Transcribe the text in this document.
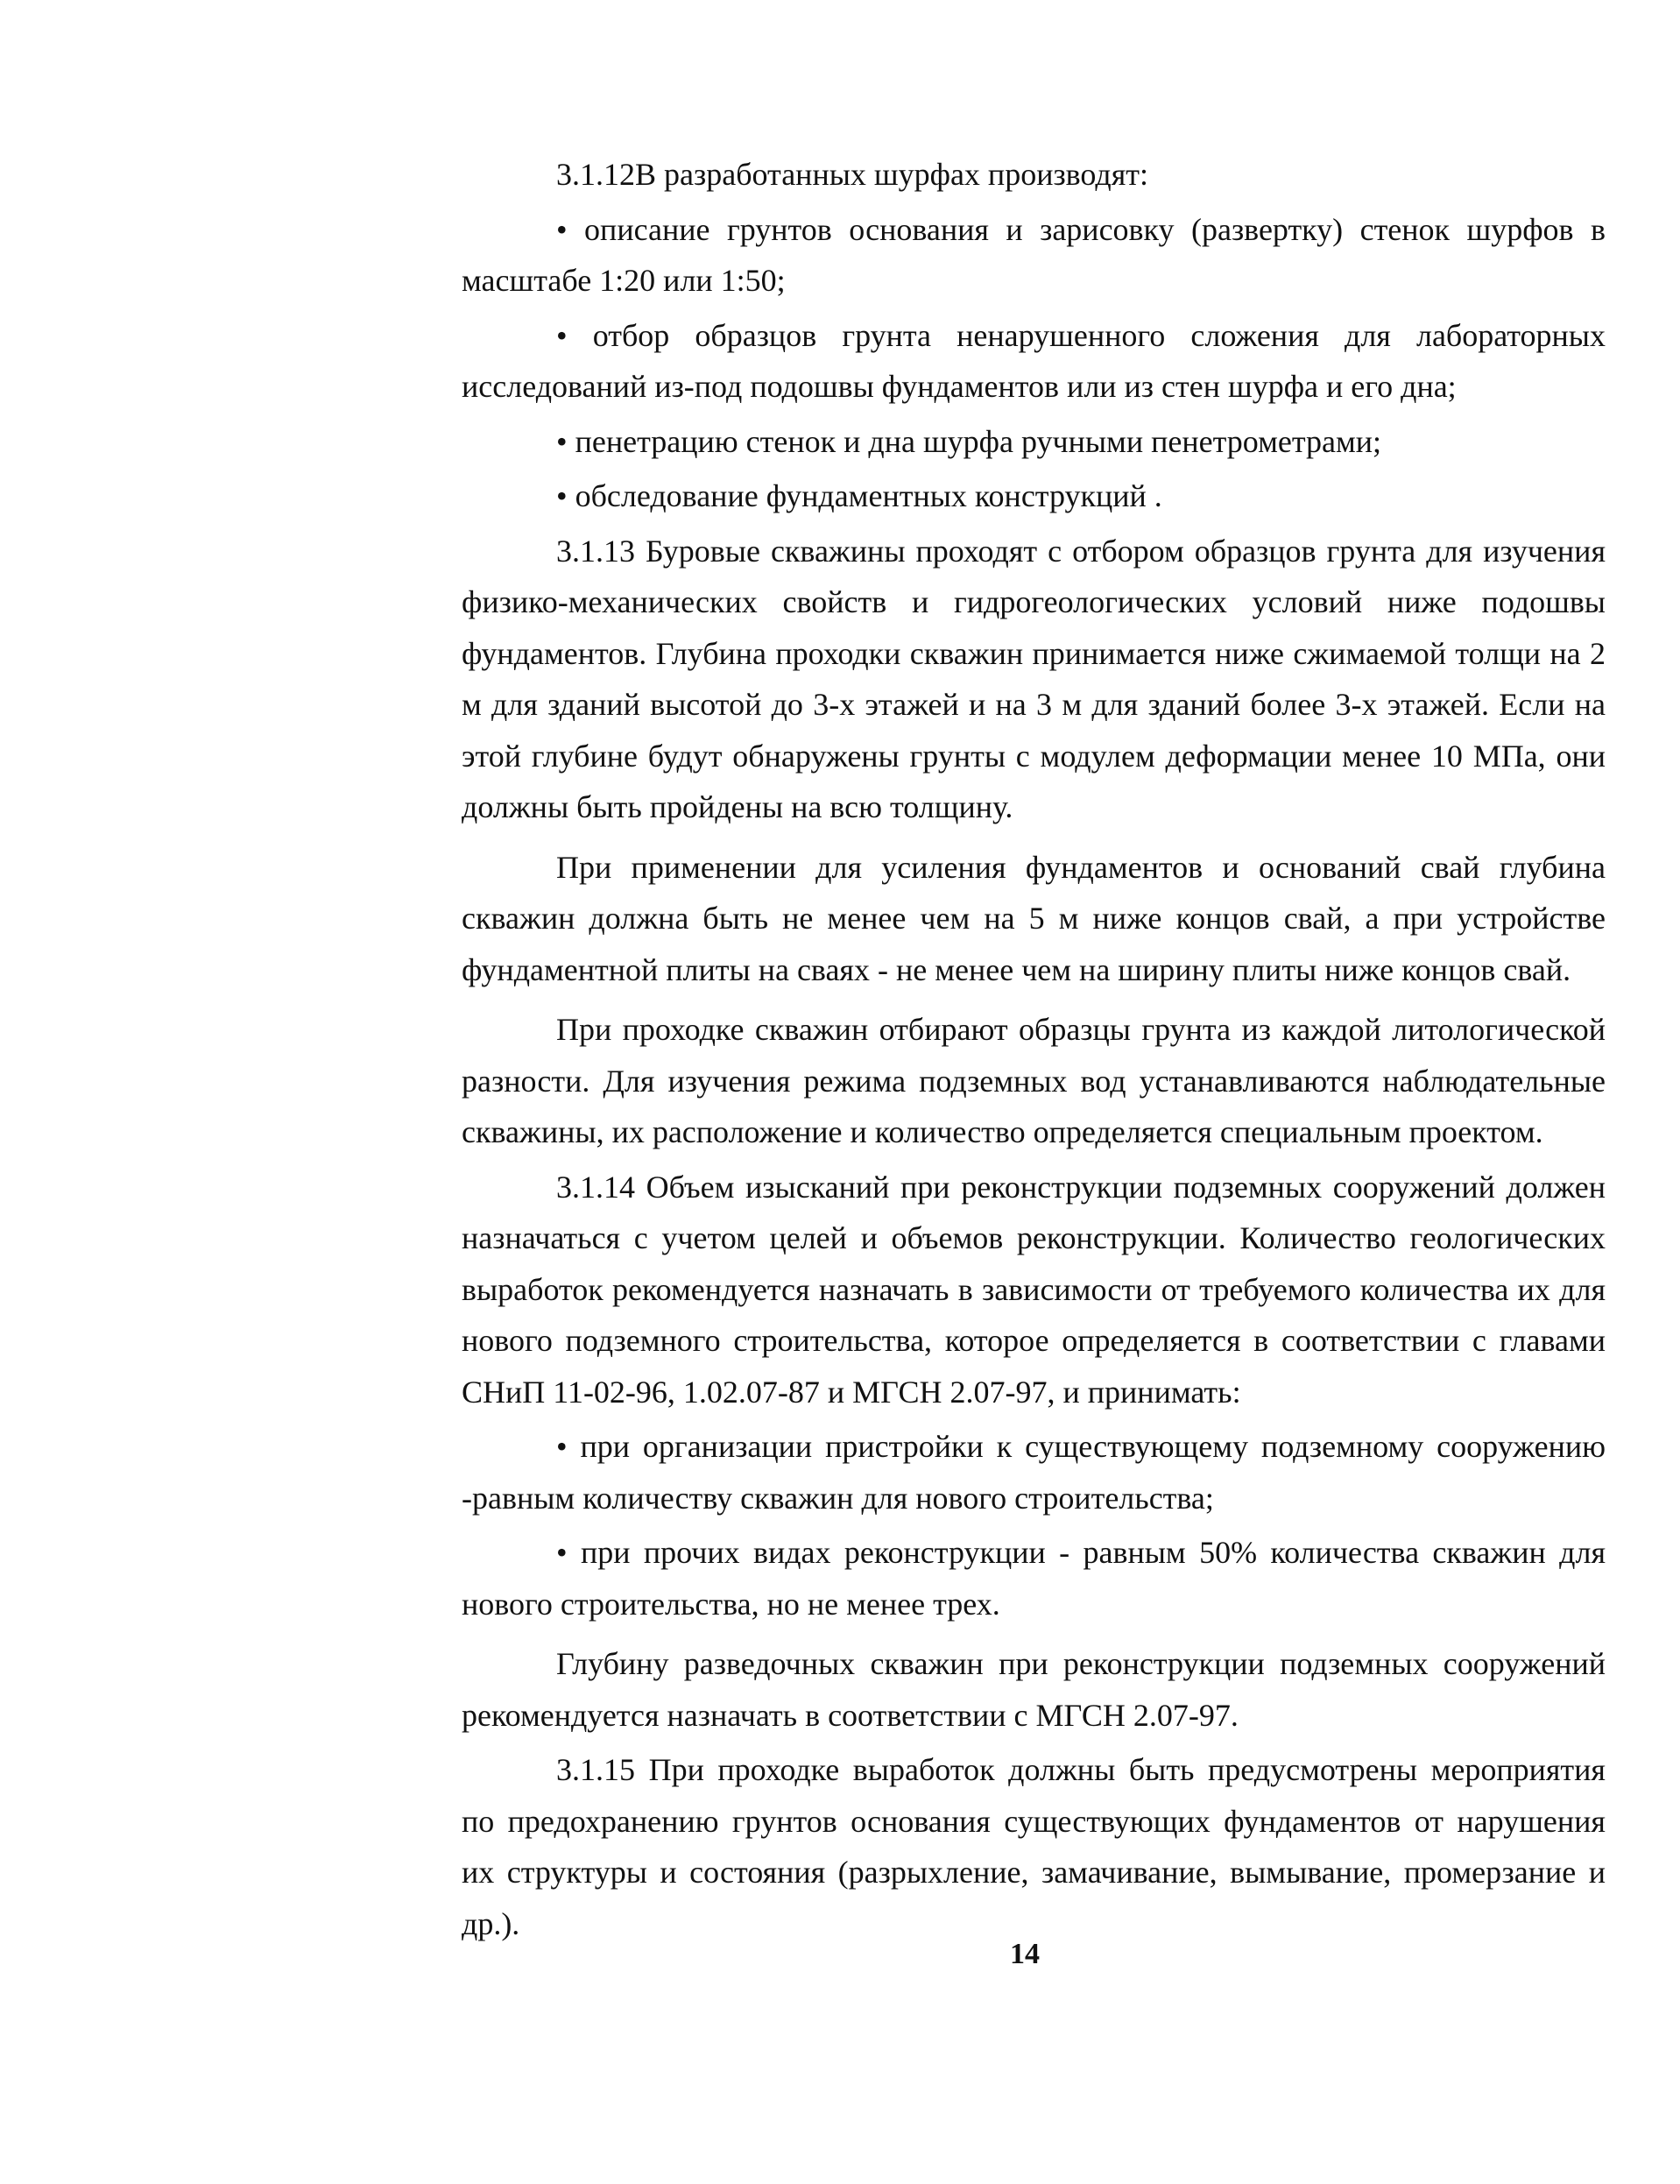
3.1.12В разработанных шурфах производят:

• описание грунтов основания и зарисовку (развертку) стенок шурфов в масштабе 1:20 или 1:50;

• отбор образцов грунта ненарушенного сложения для лабораторных исследований из-под подошвы фундаментов или из стен шурфа и его дна;

• пенетрацию стенок и дна шурфа ручными пенетрометрами;

• обследование фундаментных конструкций .

3.1.13 Буровые скважины проходят с отбором образцов грунта для изучения физико-механических свойств и гидрогеологических условий ниже подошвы фундаментов. Глубина проходки скважин принимается ниже сжимаемой толщи на 2 м для зданий высотой до 3-х этажей и на 3 м для зданий более 3-х этажей. Если на этой глубине будут обнаружены грунты с модулем деформации менее 10 МПа, они должны быть пройдены на всю толщину.

При применении для усиления фундаментов и оснований свай глубина скважин должна быть не менее чем на 5 м ниже концов свай, а при устройстве фундаментной плиты на сваях - не менее чем на ширину плиты ниже концов свай.

При проходке скважин отбирают образцы грунта из каждой литологической разности. Для изучения режима подземных вод устанавливаются наблюдательные скважины, их расположение и количество определяется специальным проектом.

3.1.14 Объем изысканий при реконструкции подземных сооружений должен назначаться с учетом целей и объемов реконструкции. Количество геологических выработок рекомендуется назначать в зависимости от требуемого количества их для нового подземного строительства, которое определяется в соответствии с главами СНиП 11-02-96, 1.02.07-87 и МГСН 2.07-97, и принимать:

• при организации пристройки к существующему подземному сооружению -равным количеству скважин для нового строительства;

• при прочих видах реконструкции - равным 50% количества скважин для нового строительства, но не менее трех.

Глубину разведочных скважин при реконструкции подземных сооружений рекомендуется назначать в соответствии с МГСН 2.07-97.

3.1.15 При проходке выработок должны быть предусмотрены мероприятия по предохранению грунтов основания существующих фундаментов от нарушения их структуры и состояния (разрыхление, замачивание, вымывание, промерзание и др.).

14
